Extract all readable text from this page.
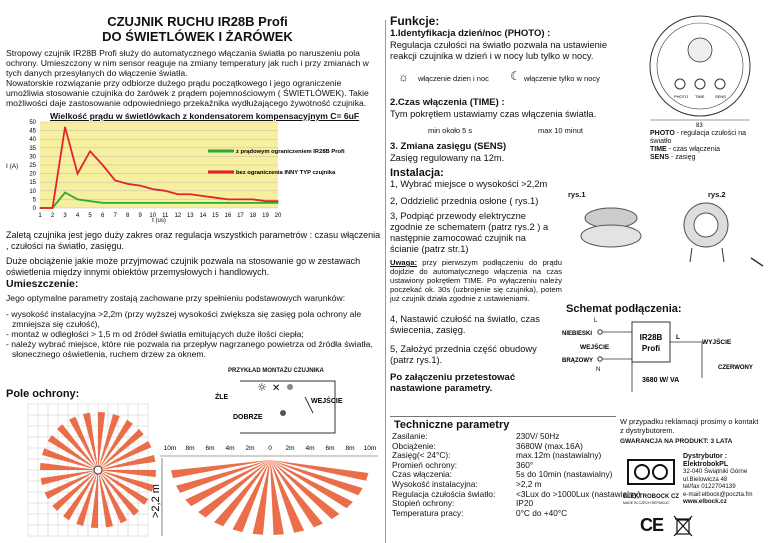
CZUJNIK RUCHU IR28B Profi
DO ŚWIETLÓWEK I ŻARÓWEK
Stropowy czujnik IR28B Profi służy do automatycznego włączania światła po naruszeniu pola ochrony. Umieszczony w nim sensor reaguje na zmiany temperatury jak ruch i przy zmianach w tych danych przesyłanych do włączenie światła.
Nowatorskie rozwiązanie przy odbiorze dużego prądu początkowego i jego ograniczenie umożliwia stosowanie czujnika do żarówek z prądem pojemnościowym ( ŚWIETLÓWEK). Takie możliwości daje zastosowanie odpowiedniego przekaźnika wydłużającego żywotność czujnika.
Wielkość prądu w świetlówkach z kondensatorem kompensacyjnym C= 6uF
0
5
10
15
20
25
30
35
40
45
50
1 2 3 4 5 6 7 8 9 10 11 12 13 14 15 16 17 18 19 20
I (A)
t (us)
z prądowym ograniczeniem IR28B Profi
bez ograniczenia INNY TYP czujnika
Zaletą czujnika jest jego duży zakres oraz regulacja wszystkich parametrów : czasu włączenia , czułości na światło, zasięgu.
Duże obciążenie jakie może przyjmować czujnik pozwala na stosowanie go w zestawach oświetlenia między innymi obiektów przemysłowych i handlowych.
Umieszczenie:
Jego optymalne parametry zostają zachowane przy spełnieniu podstawowych warunków:
- wysokość instalacyjna >2,2m (przy wyższej wysokości zwiększa się zasięg pola ochrony ale zmniejsza się czułość),
- montaż w odległości > 1,5 m od źródeł światła emitujących duże ilości ciepła;
- należy wybrać miejsce, które nie pozwala na przepływ nagrzanego powietrza od źródła światła, słonecznego oświetlenia, ruchem drzew za oknem.
PRZYKŁAD MONTAŻU CZUJNIKA
ŹLE
☼ ✕
DOBRZE
WEJŚCIE
Pole ochrony:
10m 8m 6m 4m 2m 0 2m 4m 6m 8m 10m
>2,2 m
Funkcje:
1.Identyfikacja dzień/noc (PHOTO) :
Regulacja czułości na światło pozwala na ustawienie reakcji czujnika w dzień i w nocy lub tylko w nocy.
☼ włączenie dzien i noc ☾ włączenie tylko w nocy
2.Czas włączenia (TIME) :
Tym pokrętłem ustawiamy czas włączenia światła.
min około 5 s	max 10 minut
3. Zmiana zasięgu (SENS)
Zasięg regulowany na 12m.
PHOTO TIME	SENS
83
PHOTO - regulacja czułości na światło
TIME - czas włączenia
SENS - zasięg
Instalacja:
1, Wybrać miejsce o wysokości >2,2m
2, Oddzielić przednia osłone ( rys.1)
3, Podpiąć przewody elektryczne zgodnie ze schematem (patrz rys.2 ) a następnie zamocować czujnik na ścianie (patrz str.1)
rys.1	rys.2
Uwaga: przy pierwszym podłączeniu do prądu dojdzie do automatycznego włączenia na czas ustawiony pokrętłem TIME. Po wyłączeniu należy poczekać ok. 30s (uzbrojenie się czujnika), potem już czujnik działa zgodnie z ustawieniami.
4, Nastawić czułość na światło, czas świecenia, zasięg.
5, Założyć przednia część obudowy (patrz rys.1).
Po załączeniu przetestować nastawione parametry.
Schemat podłączenia:
L
NIEBIESKI
WEJŚCIE
BRĄZOWY
N
IR28B
Profi
L
WYJŚCIE
CZERWONY
3680 W/ VA
Techniczne parametry
Zasilanie:	230V/ 50Hz
Obciążenie:	3680W (max.16A)
Zasięg(< 24°C):	max.12m (nastawialny)
Promień ochrony:	360°
Czas włączenia:	5s do 10min (nastawialny)
Wysokość instalacyjna:	>2,2 m
Regulacja czułościa światło:	<3Lux do >1000Lux (nastawialny)
Stopień ochrony:	IP20
Temperatura pracy:	0°C do +40°C
W przypadku reklamacji prosimy o kontakt z dystrybutorem.
GWARANCJA NA PRODUKT: 3 LATA
ELEKTROBOCK CZ
MADE IN CZECH REPUBLIC
Dystrybutor :
ElektrobokPL
32-040 Świątniki Górne ul.Bielowicza 48
tel/fax 0122704139
e-mail:elbock@poczta.fm
www.elbock.cz
CE
